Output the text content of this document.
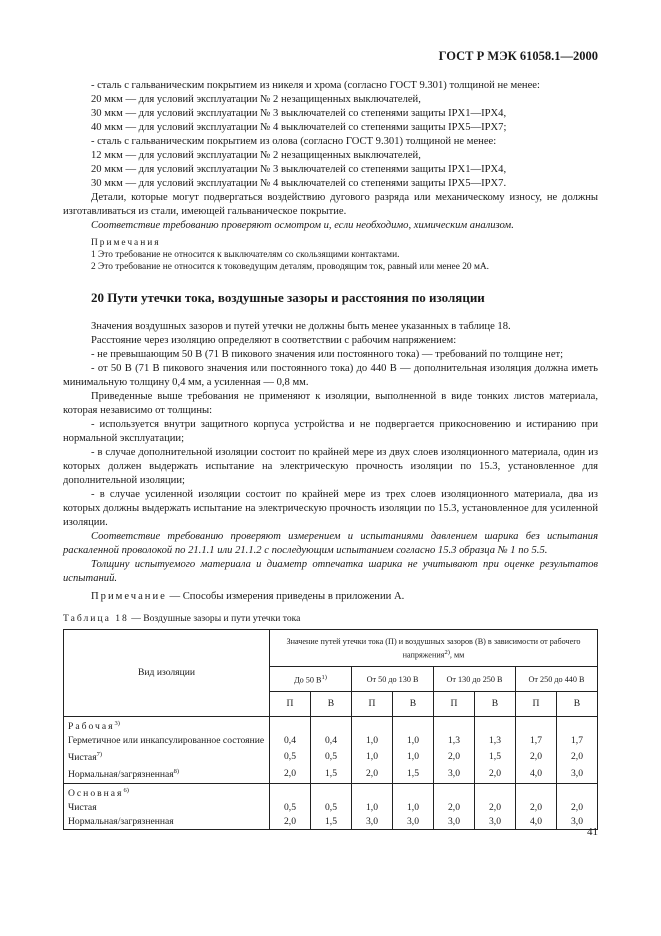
ГОСТ Р МЭК 61058.1—2000

- сталь с гальваническим покрытием из никеля и хрома (согласно ГОСТ 9.301) толщиной не менее:

20 мкм — для условий эксплуатации № 2 незащищенных выключателей,

30 мкм — для условий эксплуатации № 3 выключателей со степенями защиты IPX1—IPX4,

40 мкм — для условий эксплуатации № 4 выключателей со степенями защиты IPX5—IPX7;

- сталь с гальваническим покрытием из олова (согласно ГОСТ 9.301) толщиной не менее:

12 мкм — для условий эксплуатации № 2 незащищенных выключателей,

20 мкм — для условий эксплуатации № 3 выключателей со степенями защиты IPX1—IPX4,

30 мкм — для условий эксплуатации № 4 выключателей со степенями защиты IPX5—IPX7.

Детали, которые могут подвергаться воздействию дугового разряда или механическому износу, не должны изготавливаться из стали, имеющей гальваническое покрытие.

Соответствие требованию проверяют осмотром и, если необходимо, химическим анализом.

Примечания

1 Это требование не относится к выключателям со скользящими контактами.

2 Это требование не относится к токоведущим деталям, проводящим ток, равный или менее 20 мА.

20 Пути утечки тока, воздушные зазоры и расстояния по изоляции

Значения воздушных зазоров и путей утечки не должны быть менее указанных в таблице 18.

Расстояние через изоляцию определяют в соответствии с рабочим напряжением:

- не превышающим 50 В (71 В пикового значения или постоянного тока) — требований по толщине нет;

- от 50 В (71 В пикового значения или постоянного тока) до 440 В — дополнительная изоляция должна иметь минимальную толщину 0,4 мм, а усиленная — 0,8 мм.

Приведенные выше требования не применяют к изоляции, выполненной в виде тонких листов материала, которая независимо от толщины:

- используется внутри защитного корпуса устройства и не подвергается прикосновению и истиранию при нормальной эксплуатации;

- в случае дополнительной изоляции состоит по крайней мере из двух слоев изоляционного материала, один из которых должен выдержать испытание на электрическую прочность изоляции по 15.3, установленное для дополнительной изоляции;

- в случае усиленной изоляции состоит по крайней мере из трех слоев изоляционного материала, два из которых должны выдержать испытание на электрическую прочность изоляции по 15.3, установленное для усиленной изоляции.

Соответствие требованию проверяют измерением и испытаниями давлением шарика без испытания раскаленной проволокой по 21.1.1 или 21.1.2 с последующим испытанием согласно 15.3 образца № 1 по 5.5.

Толщину испытуемого материала и диаметр отпечатка шарика не учитывают при оценке результатов испытаний.

Примечание — Способы измерения приведены в приложении А.

Таблица 18 — Воздушные зазоры и пути утечки тока
Вид изоляции	Значение путей утечки тока (П) и воздушных зазоров (В) в зависимости от рабочего напряжения$^{2)}$, мм							
	До 50 $В^{1)}$		От 50 до 130 В		От 130 до 250 В		От 250 до 440 В	
	П	В	П	В	П	В	П	В
Рабочая$^{3)}$								
Герметичное или инкапсулированное состояние	0,4	0,4	1,0	1,0	1,3	1,3	1,7	1,7
Чистая$^{7)}$	0,5	0,5	1,0	1,0	2,0	1,5	2,0	2,0
Нормальная/загрязненная$^{8)}$	2,0	1,5	2,0	1,5	3,0	2,0	4,0	3,0
Основная$^{6)}$								
Чистая	0,5	0,5	1,0	1,0	2,0	2,0	2,0	2,0
Нормальная/загрязненная	2,0	1,5	3,0	3,0	3,0	3,0	4,0	3,0
41
